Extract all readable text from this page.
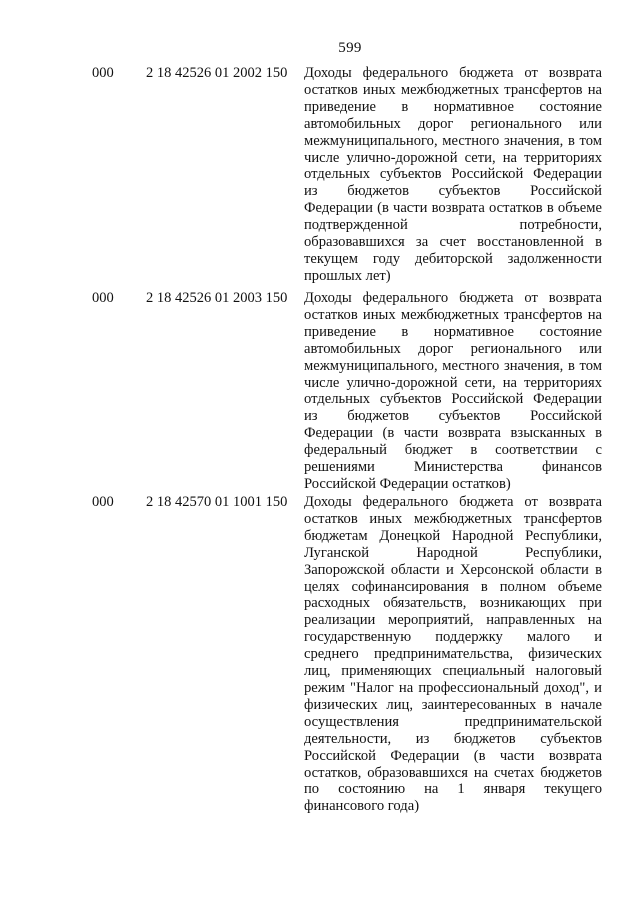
599
000 2 18 42526 01 2002 150 Доходы федерального бюджета от возврата
остатков иных межбюджетных трансфертов на
приведение в нормативное состояние
автомобильных дорог регионального или
межмуниципального, местного значения, в том
числе улично-дорожной сети, на территориях
отдельных субъектов Российской Федерации
из бюджетов субъектов Российской
Федерации (в части возврата остатков в объеме
подтвержденной потребности,
образовавшихся за счет восстановленной в
текущем году дебиторской задолженности
прошлых лет)
000 2 18 42526 01 2003 150 Доходы федерального бюджета от возврата
остатков иных межбюджетных трансфертов на
приведение в нормативное состояние
автомобильных дорог регионального или
межмуниципального, местного значения, в том
числе улично-дорожной сети, на территориях
отдельных субъектов Российской Федерации
из бюджетов субъектов Российской
Федерации (в части возврата взысканных в
федеральный бюджет в соответствии с
решениями Министерства финансов
Российской Федерации остатков)
000 2 18 42570 01 1001 150 Доходы федерального бюджета от возврата
остатков иных межбюджетных трансфертов
бюджетам Донецкой Народной Республики,
Луганской Народной Республики,
Запорожской области и Херсонской области в
целях софинансирования в полном объеме
расходных обязательств, возникающих при
реализации мероприятий, направленных на
государственную поддержку малого и
среднего предпринимательства, физических
лиц, применяющих специальный налоговый
режим "Налог на профессиональный доход", и
физических лиц, заинтересованных в начале
осуществления предпринимательской
деятельности, из бюджетов субъектов
Российской Федерации (в части возврата
остатков, образовавшихся на счетах бюджетов
по состоянию на 1 января текущего
финансового года)
